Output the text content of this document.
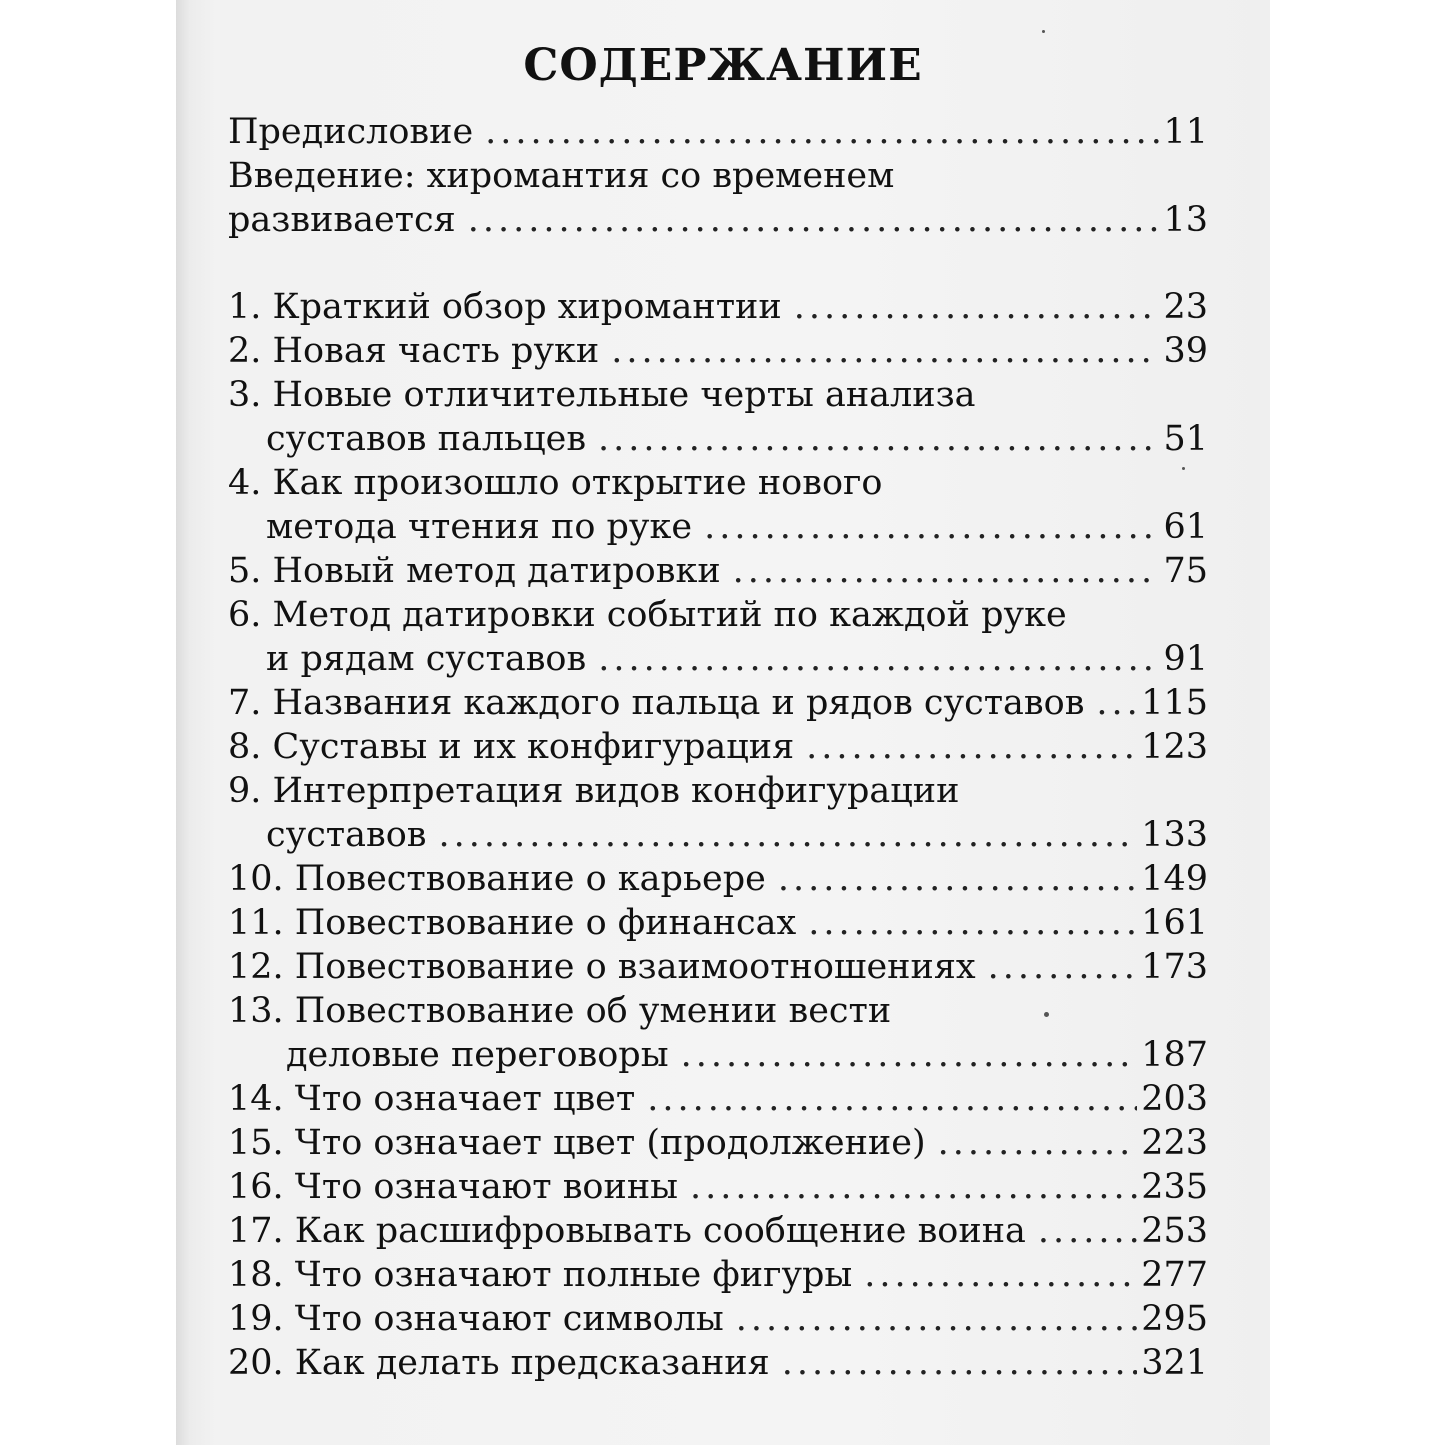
СОДЕРЖАНИЕ
Предисловие .....	11
Введение: хиромантия со временем
развивается .....	13
1. Краткий обзор хиромантии .....	23
2. Новая часть руки .....	39
3. Новые отличительные черты анализа
суставов пальцев .....	51
4. Как произошло открытие нового
метода чтения по руке .....	61
5. Новый метод датировки .....	75
6. Метод датировки событий по каждой руке
и рядам суставов .....	91
7. Названия каждого пальца и рядов суставов ..... 115
8. Суставы и их конфигурация .....	123
9. Интерпретация видов конфигурации
суставов .....	133
10. Повествование о карьере .....	149
11. Повествование о финансах .....	161
12. Повествование о взаимоотношениях .....	173
13. Повествование об умении вести
деловые переговоры .....	187
14. Что означает цвет .....	203
15. Что означает цвет (продолжение) .....	223
16. Что означают воины .....	235
17. Как расшифровывать сообщение воина .....	253
18. Что означают полные фигуры .....	277
19. Что означают символы .....	295
20. Как делать предсказания .....	321
